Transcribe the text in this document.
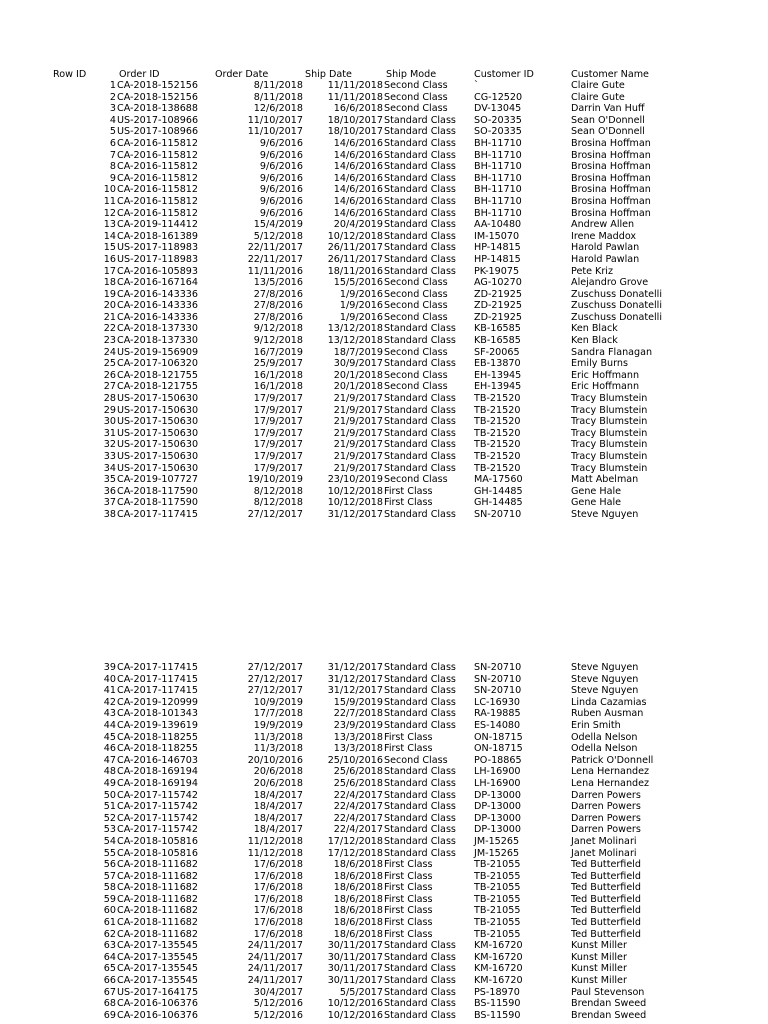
Row ID	Order ID	Order Date	Ship Date	Ship Mode	Customer ID	Customer Name
1 CA-2018-152156	8/11/2018	11/11/2018 Second Class	`	Claire Gute
2 CA-2018-152156	8/11/2018	11/11/2018 Second Class	CG-12520	Claire Gute
3 CA-2018-138688	12/6/2018	16/6/2018 Second Class	DV-13045	Darrin Van Huff
4 US-2017-108966	11/10/2017	18/10/2017 Standard Class	SO-20335	Sean O'Donnell
5 US-2017-108966	11/10/2017	18/10/2017 Standard Class	SO-20335	Sean O'Donnell
6 CA-2016-115812	9/6/2016	14/6/2016 Standard Class	BH-11710	Brosina Hoffman
7 CA-2016-115812	9/6/2016	14/6/2016 Standard Class	BH-11710	Brosina Hoffman
8 CA-2016-115812	9/6/2016	14/6/2016 Standard Class	BH-11710	Brosina Hoffman
9 CA-2016-115812	9/6/2016	14/6/2016 Standard Class	BH-11710	Brosina Hoffman
10 CA-2016-115812	9/6/2016	14/6/2016 Standard Class	BH-11710	Brosina Hoffman
11 CA-2016-115812	9/6/2016	14/6/2016 Standard Class	BH-11710	Brosina Hoffman
12 CA-2016-115812	9/6/2016	14/6/2016 Standard Class	BH-11710	Brosina Hoffman
13 CA-2019-114412	15/4/2019	20/4/2019 Standard Class	AA-10480	Andrew Allen
14 CA-2018-161389	5/12/2018	10/12/2018 Standard Class	IM-15070	Irene Maddox
15 US-2017-118983	22/11/2017	26/11/2017 Standard Class	HP-14815	Harold Pawlan
16 US-2017-118983	22/11/2017	26/11/2017 Standard Class	HP-14815	Harold Pawlan
17 CA-2016-105893	11/11/2016	18/11/2016 Standard Class	PK-19075	Pete Kriz
18 CA-2016-167164	13/5/2016	15/5/2016 Second Class	AG-10270	Alejandro Grove
19 CA-2016-143336	27/8/2016	1/9/2016 Second Class	ZD-21925	Zuschuss Donatelli
20 CA-2016-143336	27/8/2016	1/9/2016 Second Class	ZD-21925	Zuschuss Donatelli
21 CA-2016-143336	27/8/2016	1/9/2016 Second Class	ZD-21925	Zuschuss Donatelli
22 CA-2018-137330	9/12/2018	13/12/2018 Standard Class	KB-16585	Ken Black
23 CA-2018-137330	9/12/2018	13/12/2018 Standard Class	KB-16585	Ken Black
24 US-2019-156909	16/7/2019	18/7/2019 Second Class	SF-20065	Sandra Flanagan
25 CA-2017-106320	25/9/2017	30/9/2017 Standard Class	EB-13870	Emily Burns
26 CA-2018-121755	16/1/2018	20/1/2018 Second Class	EH-13945	Eric Hoffmann
27 CA-2018-121755	16/1/2018	20/1/2018 Second Class	EH-13945	Eric Hoffmann
28 US-2017-150630	17/9/2017	21/9/2017 Standard Class	TB-21520	Tracy Blumstein
29 US-2017-150630	17/9/2017	21/9/2017 Standard Class	TB-21520	Tracy Blumstein
30 US-2017-150630	17/9/2017	21/9/2017 Standard Class	TB-21520	Tracy Blumstein
31 US-2017-150630	17/9/2017	21/9/2017 Standard Class	TB-21520	Tracy Blumstein
32 US-2017-150630	17/9/2017	21/9/2017 Standard Class	TB-21520	Tracy Blumstein
33 US-2017-150630	17/9/2017	21/9/2017 Standard Class	TB-21520	Tracy Blumstein
34 US-2017-150630	17/9/2017	21/9/2017 Standard Class	TB-21520	Tracy Blumstein
35 CA-2019-107727	19/10/2019	23/10/2019 Second Class	MA-17560	Matt Abelman
36 CA-2018-117590	8/12/2018	10/12/2018 First Class	GH-14485	Gene Hale
37 CA-2018-117590	8/12/2018	10/12/2018 First Class	GH-14485	Gene Hale
38 CA-2017-117415	27/12/2017	31/12/2017 Standard Class	SN-20710	Steve Nguyen
39 CA-2017-117415	27/12/2017	31/12/2017 Standard Class	SN-20710	Steve Nguyen
40 CA-2017-117415	27/12/2017	31/12/2017 Standard Class	SN-20710	Steve Nguyen
41 CA-2017-117415	27/12/2017	31/12/2017 Standard Class	SN-20710	Steve Nguyen
42 CA-2019-120999	10/9/2019	15/9/2019 Standard Class	LC-16930	Linda Cazamias
43 CA-2018-101343	17/7/2018	22/7/2018 Standard Class	RA-19885	Ruben Ausman
44 CA-2019-139619	19/9/2019	23/9/2019 Standard Class	ES-14080	Erin Smith
45 CA-2018-118255	11/3/2018	13/3/2018 First Class	ON-18715	Odella Nelson
46 CA-2018-118255	11/3/2018	13/3/2018 First Class	ON-18715	Odella Nelson
47 CA-2016-146703	20/10/2016	25/10/2016 Second Class	PO-18865	Patrick O'Donnell
48 CA-2018-169194	20/6/2018	25/6/2018 Standard Class	LH-16900	Lena Hernandez
49 CA-2018-169194	20/6/2018	25/6/2018 Standard Class	LH-16900	Lena Hernandez
50 CA-2017-115742	18/4/2017	22/4/2017 Standard Class	DP-13000	Darren Powers
51 CA-2017-115742	18/4/2017	22/4/2017 Standard Class	DP-13000	Darren Powers
52 CA-2017-115742	18/4/2017	22/4/2017 Standard Class	DP-13000	Darren Powers
53 CA-2017-115742	18/4/2017	22/4/2017 Standard Class	DP-13000	Darren Powers
54 CA-2018-105816	11/12/2018	17/12/2018 Standard Class	JM-15265	Janet Molinari
55 CA-2018-105816	11/12/2018	17/12/2018 Standard Class	JM-15265	Janet Molinari
56 CA-2018-111682	17/6/2018	18/6/2018 First Class	TB-21055	Ted Butterfield
57 CA-2018-111682	17/6/2018	18/6/2018 First Class	TB-21055	Ted Butterfield
58 CA-2018-111682	17/6/2018	18/6/2018 First Class	TB-21055	Ted Butterfield
59 CA-2018-111682	17/6/2018	18/6/2018 First Class	TB-21055	Ted Butterfield
60 CA-2018-111682	17/6/2018	18/6/2018 First Class	TB-21055	Ted Butterfield
61 CA-2018-111682	17/6/2018	18/6/2018 First Class	TB-21055	Ted Butterfield
62 CA-2018-111682	17/6/2018	18/6/2018 First Class	TB-21055	Ted Butterfield
63 CA-2017-135545	24/11/2017	30/11/2017 Standard Class	KM-16720	Kunst Miller
64 CA-2017-135545	24/11/2017	30/11/2017 Standard Class	KM-16720	Kunst Miller
65 CA-2017-135545	24/11/2017	30/11/2017 Standard Class	KM-16720	Kunst Miller
66 CA-2017-135545	24/11/2017	30/11/2017 Standard Class	KM-16720	Kunst Miller
67 US-2017-164175	30/4/2017	5/5/2017 Standard Class	PS-18970	Paul Stevenson
68 CA-2016-106376	5/12/2016	10/12/2016 Standard Class	BS-11590	Brendan Sweed
69 CA-2016-106376	5/12/2016	10/12/2016 Standard Class	BS-11590	Brendan Sweed
